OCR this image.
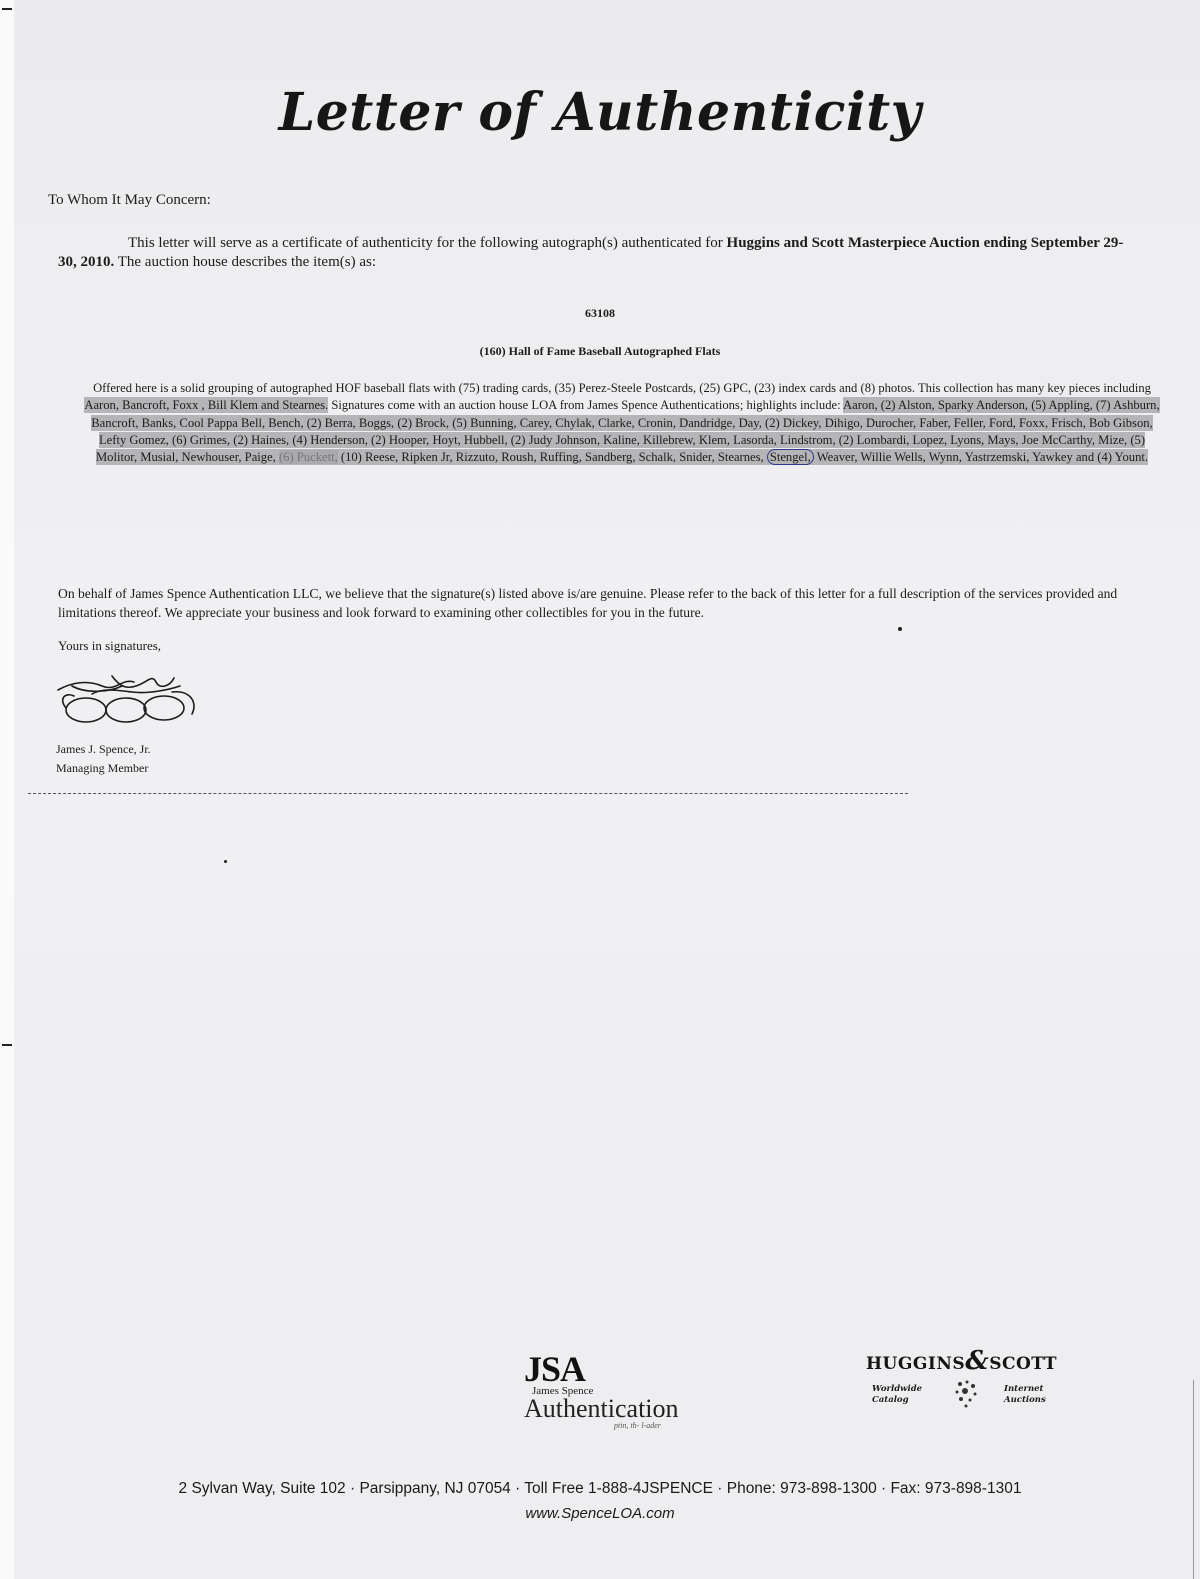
Letter of Authenticity
To Whom It May Concern:
This letter will serve as a certificate of authenticity for the following autograph(s) authenticated for Huggins and Scott Masterpiece Auction ending September 29-30, 2010. The auction house describes the item(s) as:
63108
(160) Hall of Fame Baseball Autographed Flats
Offered here is a solid grouping of autographed HOF baseball flats with (75) trading cards, (35) Perez-Steele Postcards, (25) GPC, (23) index cards and (8) photos. This collection has many key pieces including Aaron, Bancroft, Foxx , Bill Klem and Stearnes. Signatures come with an auction house LOA from James Spence Authentications; highlights include: Aaron, (2) Alston, Sparky Anderson, (5) Appling, (7) Ashburn, Bancroft, Banks, Cool Pappa Bell, Bench, (2) Berra, Boggs, (2) Brock, (5) Bunning, Carey, Chylak, Clarke, Cronin, Dandridge, Day, (2) Dickey, Dihigo, Durocher, Faber, Feller, Ford, Foxx, Frisch, Bob Gibson, Lefty Gomez, (6) Grimes, (2) Haines, (4) Henderson, (2) Hooper, Hoyt, Hubbell, (2) Judy Johnson, Kaline, Killebrew, Klem, Lasorda, Lindstrom, (2) Lombardi, Lopez, Lyons, Mays, Joe McCarthy, Mize, (5) Molitor, Musial, Newhouser, Paige, (6) Puckett, (10) Reese, Ripken Jr, Rizzuto, Roush, Ruffing, Sandberg, Schalk, Snider, Stearnes, Stengel, Weaver, Willie Wells, Wynn, Yastrzemski, Yawkey and (4) Yount.
On behalf of James Spence Authentication LLC, we believe that the signature(s) listed above is/are genuine. Please refer to the back of this letter for a full description of the services provided and limitations thereof. We appreciate your business and look forward to examining other collectibles for you in the future.
Yours in signatures,
James J. Spence, Jr.
Managing Member
JSA
James Spence
Authentication
ptin, th- l-ader
HUGGINS&SCOTT
Worldwide
Catalog
Internet
Auctions
2 Sylvan Way, Suite 102 · Parsippany, NJ 07054 · Toll Free 1-888-4JSPENCE · Phone: 973-898-1300 · Fax: 973-898-1301
www.SpenceLOA.com
